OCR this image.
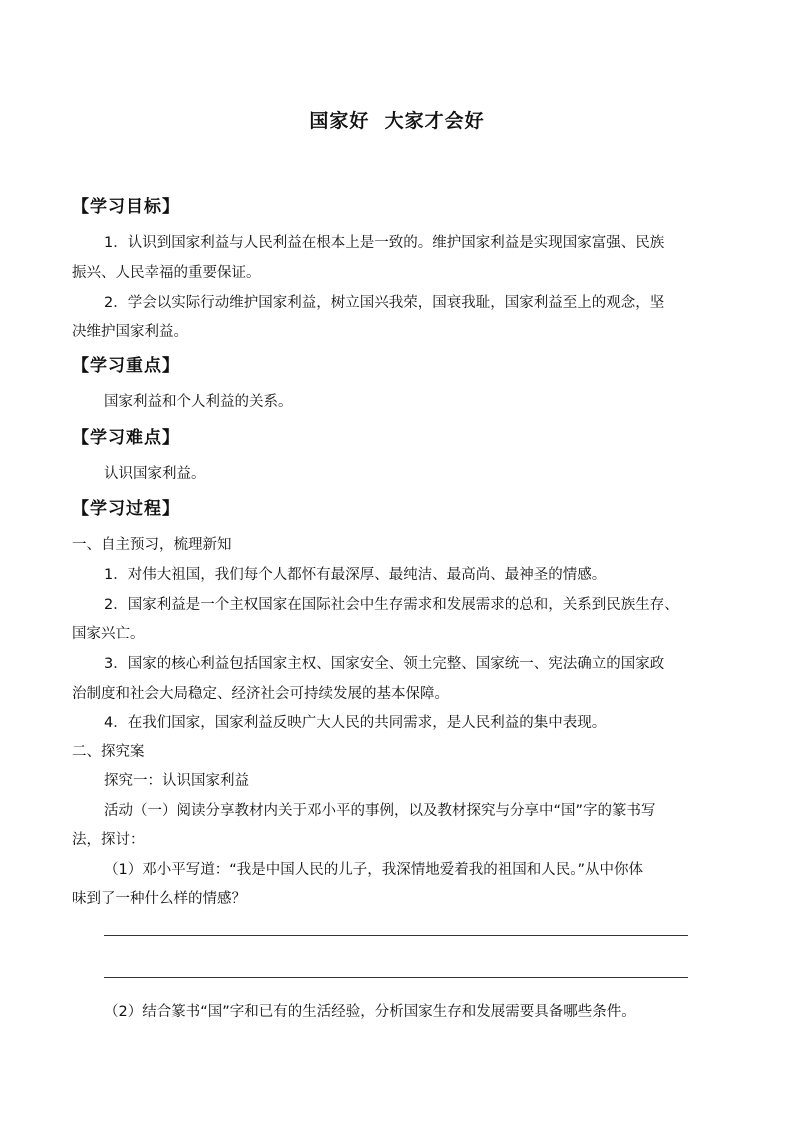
国家好  大家才会好
【学习目标】
1．认识到国家利益与人民利益在根本上是一致的。维护国家利益是实现国家富强、民族
振兴、人民幸福的重要保证。
2．学会以实际行动维护国家利益，树立国兴我荣，国衰我耻，国家利益至上的观念，坚
决维护国家利益。
【学习重点】
国家利益和个人利益的关系。
【学习难点】
认识国家利益。
【学习过程】
一、自主预习，梳理新知
1．对伟大祖国，我们每个人都怀有最深厚、最纯洁、最高尚、最神圣的情感。
2．国家利益是一个主权国家在国际社会中生存需求和发展需求的总和，关系到民族生存、
国家兴亡。
3．国家的核心利益包括国家主权、国家安全、领土完整、国家统一、宪法确立的国家政
治制度和社会大局稳定、经济社会可持续发展的基本保障。
4．在我们国家，国家利益反映广大人民的共同需求，是人民利益的集中表现。
二、探究案
探究一：认识国家利益
活动（一）阅读分享教材内关于邓小平的事例，以及教材探究与分享中“国”字的篆书写
法，探讨：
（1）邓小平写道：“我是中国人民的儿子，我深情地爱着我的祖国和人民。”从中你体
味到了一种什么样的情感？
（2）结合篆书“国”字和已有的生活经验，分析国家生存和发展需要具备哪些条件。
